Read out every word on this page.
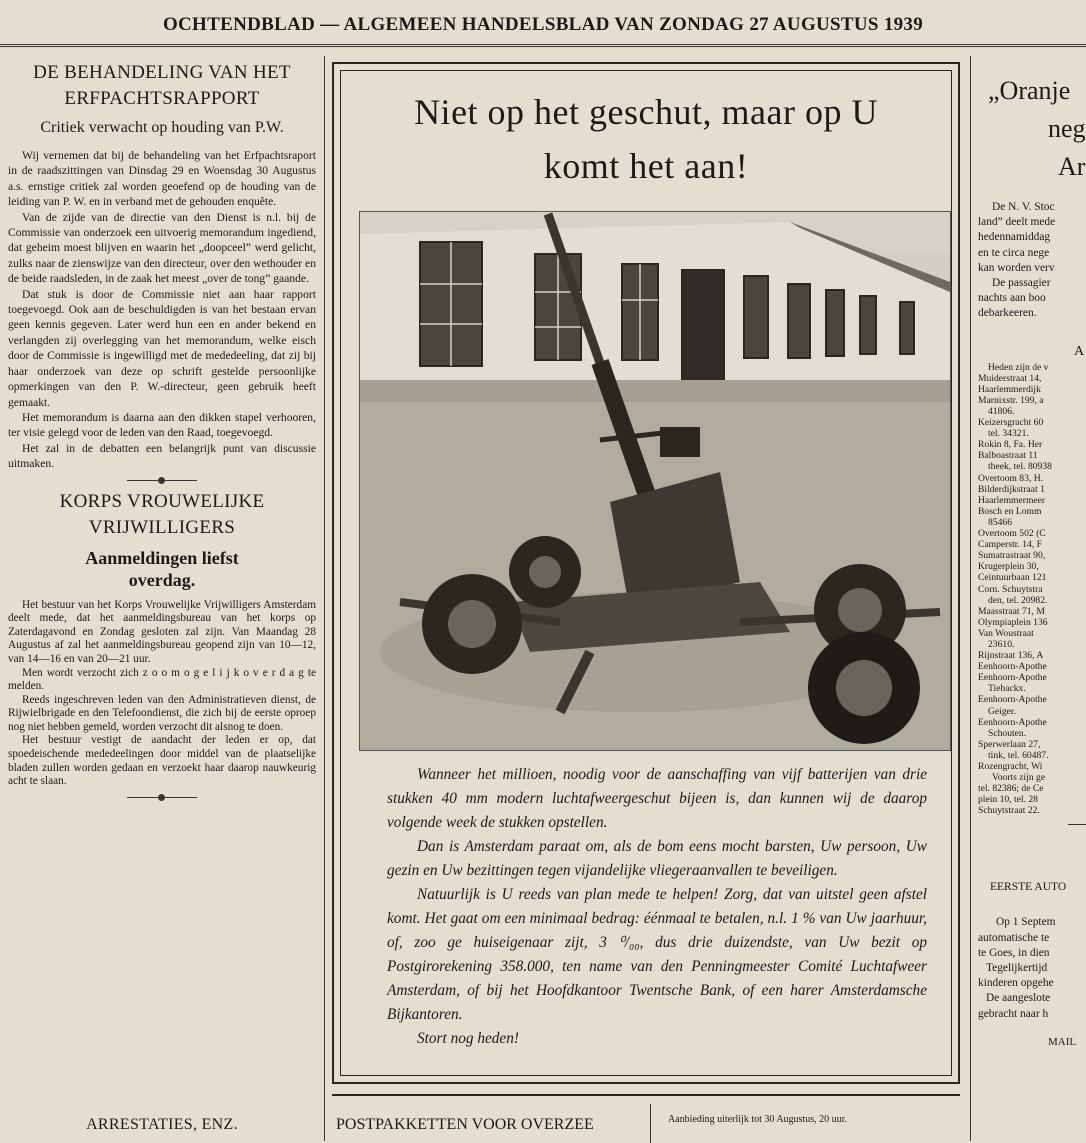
OCHTENDBLAD — ALGEMEEN HANDELSBLAD VAN ZONDAG 27 AUGUSTUS 1939
DE BEHANDELING VAN HET ERFPACHTSRAPPORT
Critiek verwacht op houding van P.W.

Wij vernemen dat bij de behandeling van het Erfpachtsraport in de raadszittingen van Dinsdag 29 en Woensdag 30 Augustus a.s. ernstige critiek zal worden geoefend op de houding van de leiding van P. W. en in verband met de gehouden enquête.

Van de zijde van de directie van den Dienst is n.l. bij de Commissie van onderzoek een uitvoerig memorandum ingediend, dat geheim moest blijven en waarin het „doopceel” werd gelicht, zulks naar de zienswijze van den directeur, over den wethouder en de beide raadsleden, in de zaak het meest „over de tong” gaande.

Dat stuk is door de Commissie niet aan haar rapport toegevoegd. Ook aan de beschuldigden is van het bestaan ervan geen kennis gegeven. Later werd hun een en ander bekend en verlangden zij overlegging van het memorandum, welke eisch door de Commissie is ingewilligd met de mededeeling, dat zij bij haar onderzoek van deze op schrift gestelde persoonlijke opmerkingen van den P. W.-directeur, geen gebruik heeft gemaakt.

Het memorandum is daarna aan den dikken stapel verhooren, ter visie gelegd voor de leden van den Raad, toegevoegd.

Het zal in de debatten een belangrijk punt van discussie uitmaken.

KORPS VROUWELIJKE VRIJWILLIGERS
Aanmeldingen liefst overdag.

Het bestuur van het Korps Vrouwelijke Vrijwilligers Amsterdam deelt mede, dat het aanmeldingsbureau van het korps op Zaterdagavond en Zondag gesloten zal zijn. Van Maandag 28 Augustus af zal het aanmeldingsbureau geopend zijn van 10—12, van 14—16 en van 20—21 uur.

Men wordt verzocht zich z o o m o g e l i j k o v e r d a g te melden.

Reeds ingeschreven leden van den Administratieven dienst, de Rijwielbrigade en den Telefoondienst, die zich bij de eerste oproep nog niet hebben gemeld, worden verzocht dit alsnog te doen.

Het bestuur vestigt de aandacht der leden er op, dat spoedeischende mededeelingen door middel van de plaatselijke bladen zullen worden gedaan en verzoekt haar daarop nauwkeurig acht te slaan.

ARRESTATIES, ENZ.
Niet op het geschut, maar op U
komt het aan!

Wanneer het millioen, noodig voor de aanschaffing van vijf batterijen van drie stukken 40 mm modern luchtafweergeschut bijeen is, dan kunnen wij de daarop volgende week de stukken opstellen.

Dan is Amsterdam paraat om, als de bom eens mocht barsten, Uw persoon, Uw gezin en Uw bezittingen tegen vijandelijke vliegeraanvallen te beveiligen.

Natuurlijk is U reeds van plan mede te helpen! Zorg, dat van uitstel geen afstel komt. Het gaat om een minimaal bedrag: éénmaal te betalen, n.l. 1 % van Uw jaarhuur, of, zoo ge huiseigenaar zijt, 3 ⁰/₀₀, dus drie duizendste, van Uw bezit op Postgirorekening 358.000, ten name van den Penningmeester Comité Luchtafweer Amsterdam, of bij het Hoofdkantoor Twentsche Bank, of een harer Amsterdamsche Bijkantoren.

Stort nog heden!

POSTPAKKETTEN VOOR OVERZEE	Aanbieding uiterlijk tot 30 Augustus, 20 uur.
„Oranje
neg
Ar

De N. V. Stoc

land” deelt mede

hedennamiddag

en te circa nege

kan worden verv

De passagier

nachts aan boo

debarkeeren.

A

Heden zijn de v

Muiderstraat 14,

Haarlemmerdijk

Marnixstr. 199, a

41806.

Keizersgracht 60

tel. 34321.

Rokin 8, Fa. Her

Balboastraat 11

theek, tel. 80938

Overtoom 83, H.

Bilderdijkstraat 1

Haarlemmermeer

Bosch en Lomm

85466

Overtoom 502 (C

Camperstr. 14, F

Sumatrastraat 90,

Krugerplein 30,

Ceintuurbaan 121

Corn. Schuytstra

den, tel. 20982.

Maasstraat 71, M

Olympiaplein 136

Van Woustraat

23610.

Rijnstraat 136, A

Eenhoorn-Apothe

Eenhoorn-Apothe

Tiebackx.

Eenhoorn-Apothe

Geiger.

Eenhoorn-Apothe

Schouten.

Sperwerlaan 27,

tink, tel. 60487.

Rozengracht, Wi

Voorts zijn ge

tel. 82386; de Ce

plein 10, tel. 28

Schuytstraat 22.

EERSTE AUTO

Op 1 Septem

automatische te

te Goes, in dien

Tegelijkertijd

kinderen opgehe

De aangeslote

gebracht naar h

MAIL
